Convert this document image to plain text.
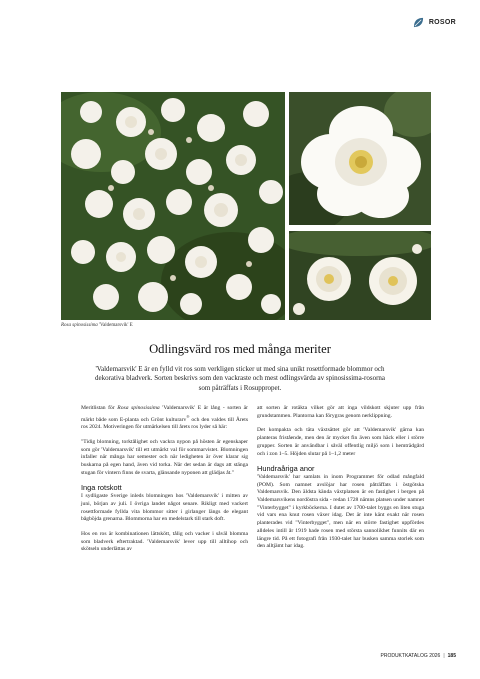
ROSOR
Rosa spinosissima 'Valdemarsvik' E
Odlingsvärd ros med många meriter

'Valdemarsvik' E är en fylld vit ros som verkligen sticker ut med sina unikt rosettformade blommor och dekorativa bladverk. Sorten beskrivs som den vackraste och mest odlingsvärda av spinosissima-rosorna som påträffats i Rosuppropet.

Meritlistan för Rosa spinosissima 'Valdemarsvik' E är lång - sorten är märkt både som E-planta och Grönt kulturarv® och den valdes till Årets ros 2024. Motiveringen för utmärkelsen till årets ros lyder så här:

"Tidig blomning, torktålighet och vackra nypon på hösten är egenskaper som gör 'Valdemarsvik' till ett utmärkt val för sommarvistet. Blomningen infaller när många har semester och när ledigheten är över klarar sig buskarna på egen hand, även vid torka. När det sedan är dags att stänga stugan för vintern finns de svarta, glänsande nyponen att glädjas åt."

Inga rotskott

I sydligaste Sverige inleds blomningen hos 'Valdemarsvik' i mitten av juni, början av juli. I övriga landet något senare. Rikligt med vackert rosettformade fyllda vita blommor sitter i girlanger längs de elegant bågböjda grenarna. Blommorna har en medelstark till stark doft.

Hos en ros är kombinationen lättskött, tålig och vacker i såväl blomma som bladverk eftertraktad. 'Valdemarsvik' lever upp till alltihop och skötseln underlättas av

att sorten är rotäkta vilket gör att inga vildskott skjuter upp från grundstammen. Plantorna kan förygras genom nerklippning.

Det kompakta och täta växtsättet gör att 'Valdemarsvik' gärna kan planteras fristående, men den är mycket fin även som häck eller i större grupper. Sorten är användbar i såväl offentlig miljö som i hemträdgård och i zon 1–5. Höjden slutar på 1–1,2 meter

Hundraåriga anor

'Valdemarsvik' har samlats in inom Programmet för odlad mångfald (POM). Som namnet avslöjar har rosen påträffats i östgötska Valdemarsvik. Den äldsta kända växtplatsen är en fastighet i bergen på Valdemarsvikens nordöstra sida - redan 1728 nämns platsen under namnet "Vinterbygget" i kyrkböckerna. I dutet av 1700-talet byggs en liten stuga vid vars ena knut rosen växer idag. Det är inte känt exakt när rosen planterades vid "Vinterbygget", men när en större fastighet uppfördes alldeles intill år 1919 hade rosen med största sannolikhet funnits där en längre tid. På ett fotografi från 1930-talet har busken samma storlek som den alltjämt har idag.

PRODUKTKATALOG 2026 | 185
